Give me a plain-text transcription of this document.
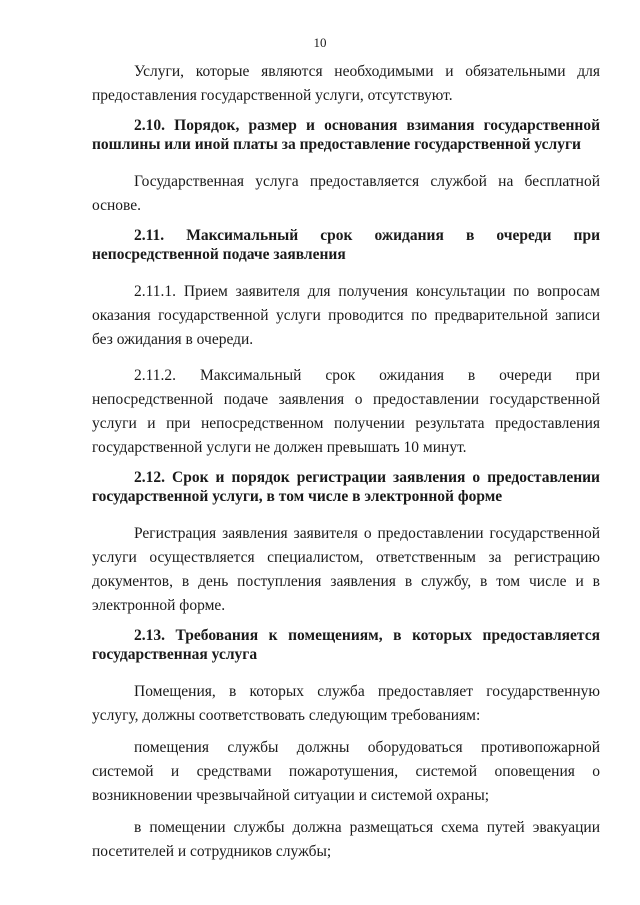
10

Услуги, которые являются необходимыми и обязательными для предоставления государственной услуги, отсутствуют.

2.10. Порядок, размер и основания взимания государственной пошлины или иной платы за предоставление государственной услуги

Государственная услуга предоставляется службой на бесплатной основе.

2.11. Максимальный срок ожидания в очереди при непосредственной подаче заявления

2.11.1. Прием заявителя для получения консультации по вопросам оказания государственной услуги проводится по предварительной записи без ожидания в очереди.

2.11.2. Максимальный срок ожидания в очереди при непосредственной подаче заявления о предоставлении государственной услуги и при непосредственном получении результата предоставления государственной услуги не должен превышать 10 минут.

2.12. Срок и порядок регистрации заявления о предоставлении государственной услуги, в том числе в электронной форме

Регистрация заявления заявителя о предоставлении государственной услуги осуществляется специалистом, ответственным за регистрацию документов, в день поступления заявления в службу, в том числе и в электронной форме.

2.13. Требования к помещениям, в которых предоставляется государственная услуга

Помещения, в которых служба предоставляет государственную услугу, должны соответствовать следующим требованиям:

помещения службы должны оборудоваться противопожарной системой и средствами пожаротушения, системой оповещения о возникновении чрезвычайной ситуации и системой охраны;

в помещении службы должна размещаться схема путей эвакуации посетителей и сотрудников службы;
